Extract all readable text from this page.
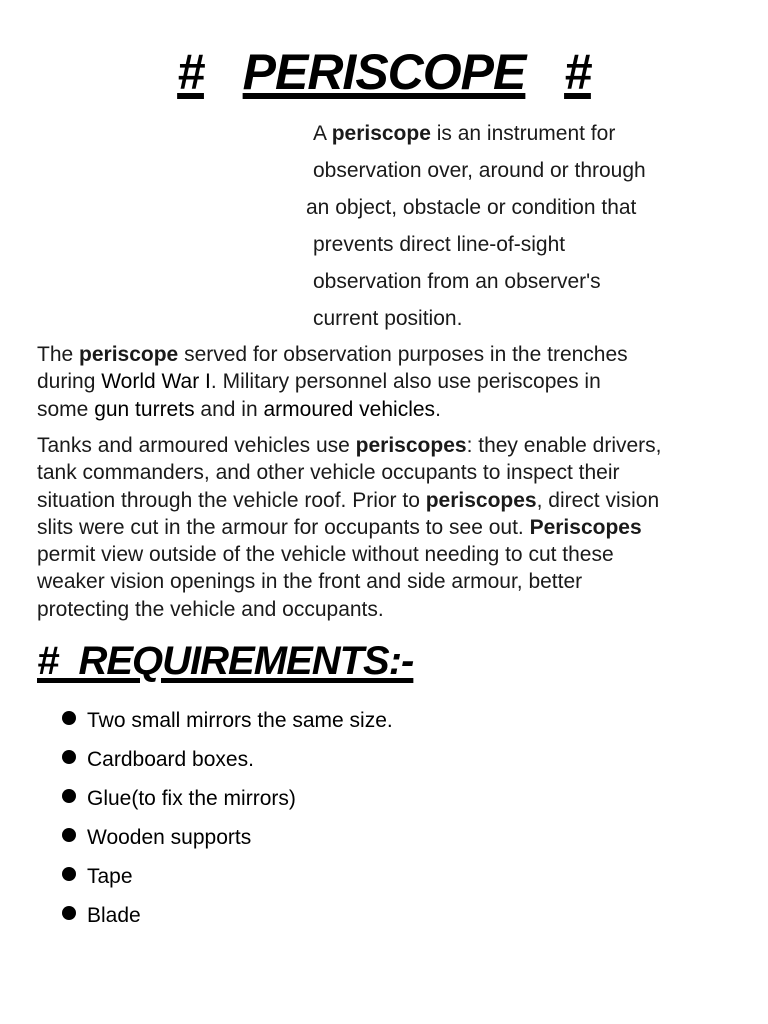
# PERISCOPE #
A periscope is an instrument for
observation over, around or through
an object, obstacle or condition that
prevents direct line-of-sight
observation from an observer's
current position.
The periscope served for observation purposes in the trenches
during World War I. Military personnel also use periscopes in
some gun turrets and in armoured vehicles.
Tanks and armoured vehicles use periscopes: they enable drivers,
tank commanders, and other vehicle occupants to inspect their
situation through the vehicle roof. Prior to periscopes, direct vision
slits were cut in the armour for occupants to see out. Periscopes
permit view outside of the vehicle without needing to cut these
weaker vision openings in the front and side armour, better
protecting the vehicle and occupants.
#  REQUIREMENTS:-
Two small mirrors the same size.
Cardboard boxes.
Glue(to fix the mirrors)
Wooden supports
Tape
Blade
